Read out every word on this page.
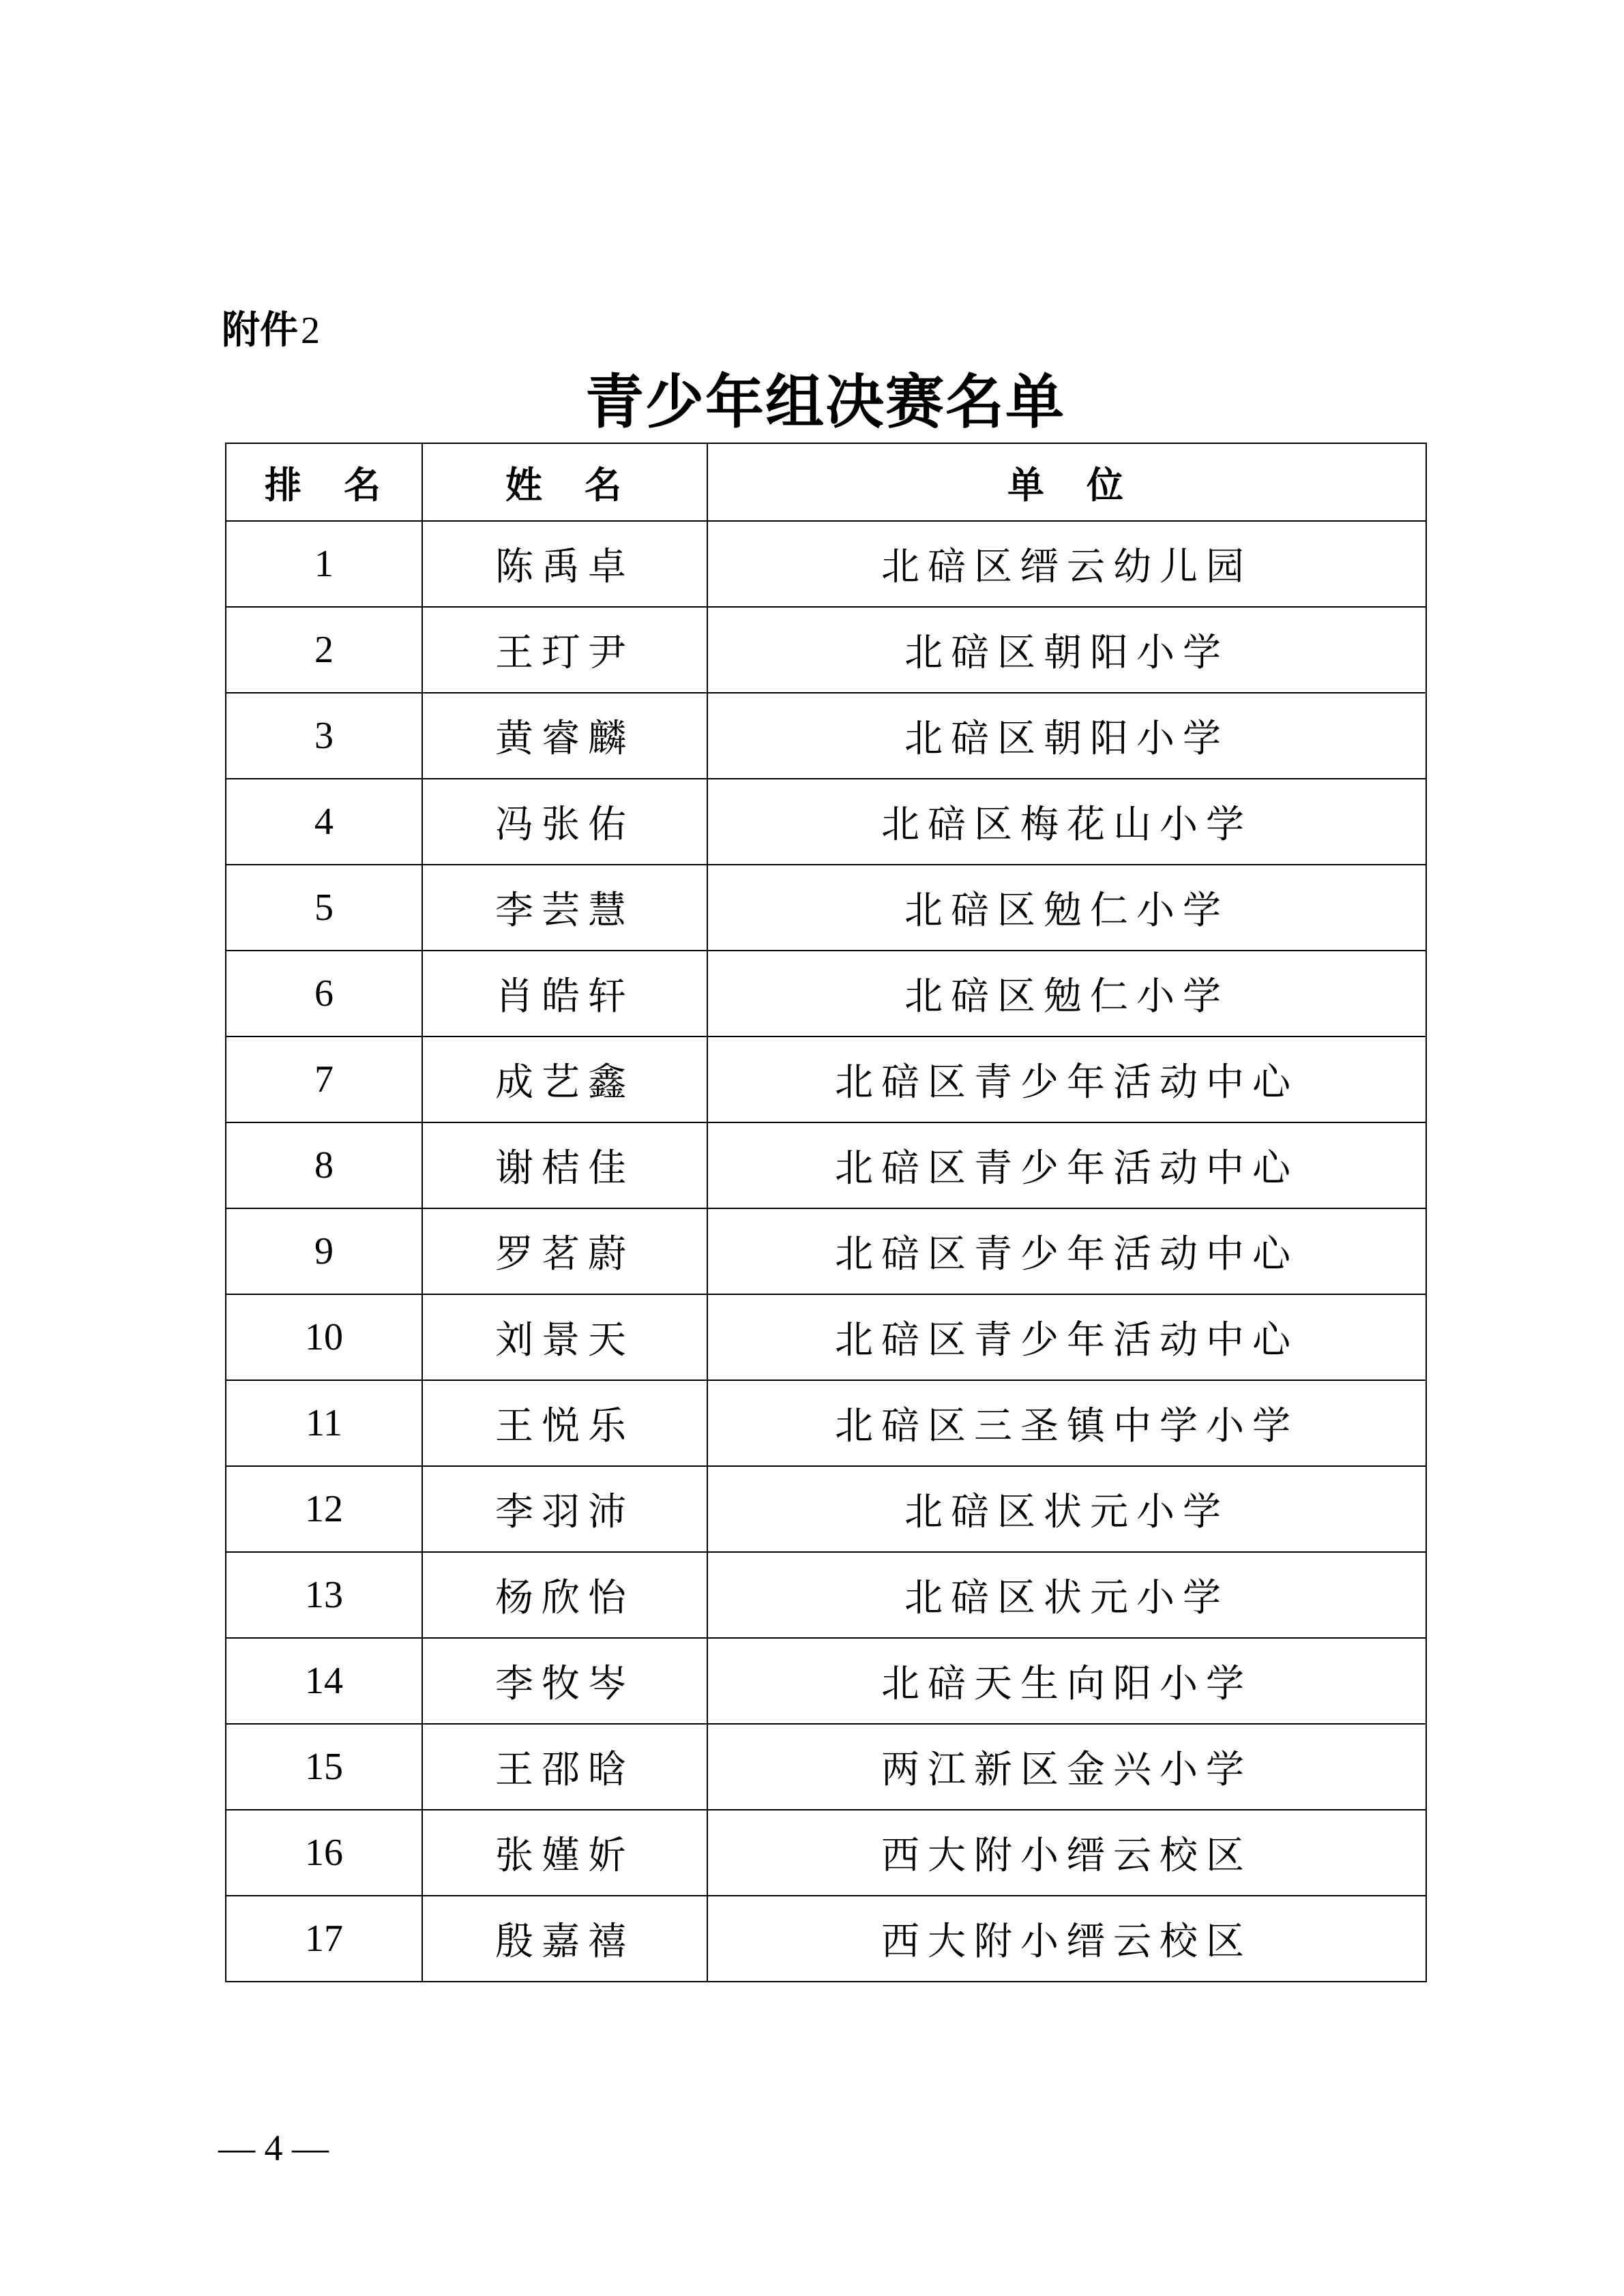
附件2
青少年组决赛名单
排　名	姓　名	单　位
1	陈禹卓	北碚区缙云幼儿园
2	王玎尹	北碚区朝阳小学
3	黄睿麟	北碚区朝阳小学
4	冯张佑	北碚区梅花山小学
5	李芸慧	北碚区勉仁小学
6	肖皓轩	北碚区勉仁小学
7	成艺鑫	北碚区青少年活动中心
8	谢桔佳	北碚区青少年活动中心
9	罗茗蔚	北碚区青少年活动中心
10	刘景天	北碚区青少年活动中心
11	王悦乐	北碚区三圣镇中学小学
12	李羽沛	北碚区状元小学
13	杨欣怡	北碚区状元小学
14	李牧岑	北碚天生向阳小学
15	王邵晗	两江新区金兴小学
16	张嫤妡	西大附小缙云校区
17	殷嘉禧	西大附小缙云校区
— 4 —
